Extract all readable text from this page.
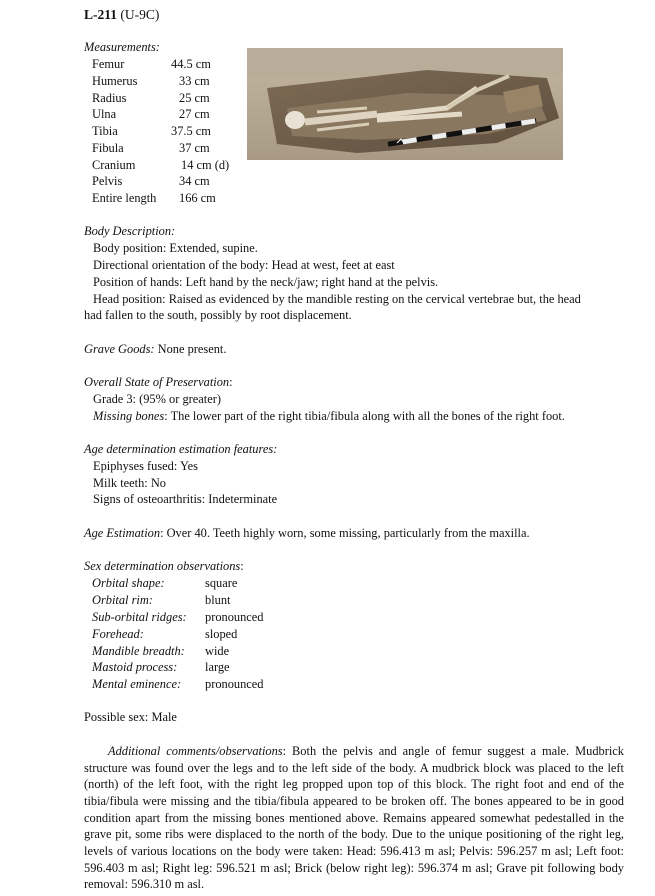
L-211 (U-9C)
Measurements:
Femur	44.5 cm
Humerus	33 cm
Radius	25 cm
Ulna	27 cm
Tibia	37.5 cm
Fibula	37 cm
Cranium	14 cm (d)
Pelvis	34 cm
Entire length 166 cm
Body Description:
Body position: Extended, supine.
Directional orientation of the body: Head at west, feet at east
Position of hands: Left hand by the neck/jaw; right hand at the pelvis.
Head position: Raised as evidenced by the mandible resting on the cervical vertebrae but, the head
had fallen to the south, possibly by root displacement.
Grave Goods: None present.
Overall State of Preservation:
Grade 3: (95% or greater)
Missing bones: The lower part of the right tibia/fibula along with all the bones of the right foot.
Age determination estimation features:
Epiphyses fused: Yes
Milk teeth: No
Signs of osteoarthritis: Indeterminate
Age Estimation: Over 40. Teeth highly worn, some missing, particularly from the maxilla.
Sex determination observations:
Orbital shape:	square
Orbital rim:	blunt
Sub-orbital ridges: pronounced
Forehead:	sloped
Mandible breadth: wide
Mastoid process: large
Mental eminence: pronounced
Possible sex: Male
Additional comments/observations: Both the pelvis and angle of femur suggest a male. Mudbrick structure was found over the legs and to the left side of the body. A mudbrick block was placed to the left (north) of the left foot, with the right leg propped upon top of this block. The right foot and end of the tibia/fibula were missing and the tibia/fibula appeared to be broken off. The bones appeared to be in good condition apart from the missing bones mentioned above. Remains appeared somewhat pedestalled in the grave pit, some ribs were displaced to the north of the body. Due to the unique positioning of the right leg, levels of various locations on the body were taken: Head: 596.413 m asl; Pelvis: 596.257 m asl; Left foot: 596.403 m asl; Right leg: 596.521 m asl; Brick (below right leg): 596.374 m asl; Grave pit following body removal: 596.310 m asl.
